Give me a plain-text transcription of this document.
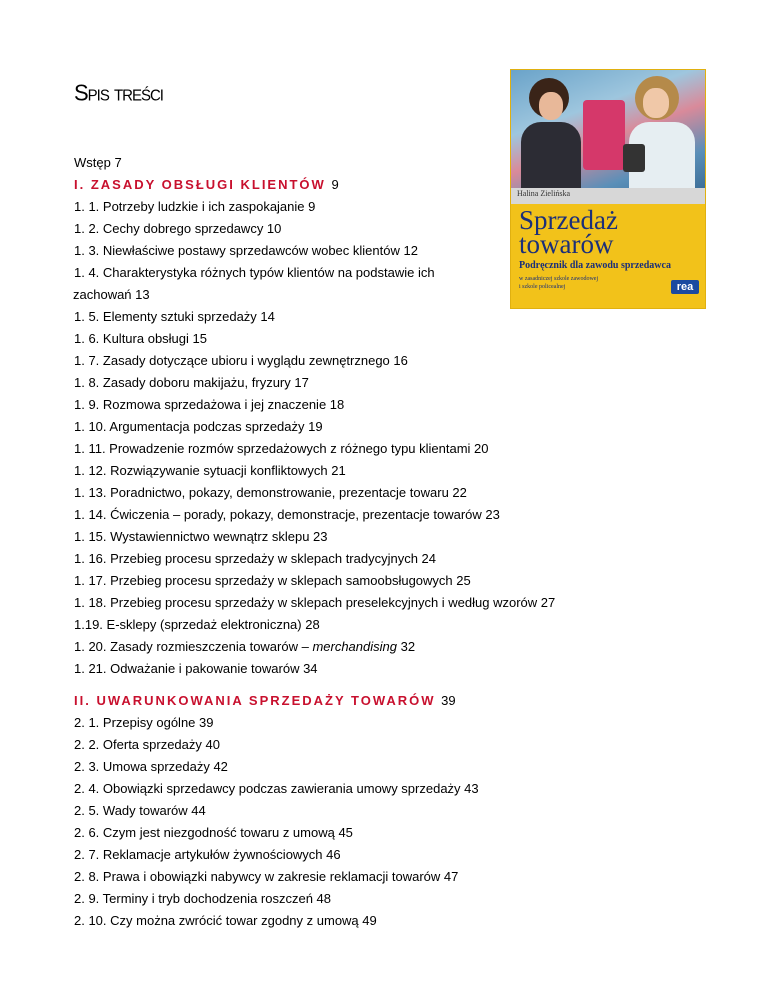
Spis treści
Halina Zielińska
Sprzedaż
towarów
Podręcznik dla zawodu sprzedawca
w zasadniczej szkole zawodowej
i szkole policealnej	rea
Wstęp 7
I. ZASADY OBSŁUGI KLIENTÓW 9
1. 1. Potrzeby ludzkie i ich zaspokajanie 9
1. 2. Cechy dobrego sprzedawcy 10
1. 3. Niewłaściwe postawy sprzedawców wobec klientów 12
1. 4. Charakterystyka różnych typów klientów na podstawie ich
zachowań 13
1. 5. Elementy sztuki sprzedaży 14
1. 6. Kultura obsługi 15
1. 7. Zasady dotyczące ubioru i wyglądu zewnętrznego 16
1. 8. Zasady doboru makijażu, fryzury 17
1. 9. Rozmowa sprzedażowa i jej znaczenie 18
1. 10. Argumentacja podczas sprzedaży 19
1. 11. Prowadzenie rozmów sprzedażowych z różnego typu klientami 20
1. 12. Rozwiązywanie sytuacji konfliktowych 21
1. 13. Poradnictwo, pokazy, demonstrowanie, prezentacje towaru 22
1. 14. Ćwiczenia – porady, pokazy, demonstracje, prezentacje towarów 23
1. 15. Wystawiennictwo wewnątrz sklepu 23
1. 16. Przebieg procesu sprzedaży w sklepach tradycyjnych 24
1. 17. Przebieg procesu sprzedaży w sklepach samoobsługowych 25
1. 18. Przebieg procesu sprzedaży w sklepach preselekcyjnych i według wzorów 27
1.19. E-sklepy (sprzedaż elektroniczna) 28
1. 20. Zasady rozmieszczenia towarów – merchandising 32
1. 21. Odważanie i pakowanie towarów 34
II. UWARUNKOWANIA SPRZEDAŻY TOWARÓW 39
2. 1. Przepisy ogólne 39
2. 2. Oferta sprzedaży 40
2. 3. Umowa sprzedaży 42
2. 4. Obowiązki sprzedawcy podczas zawierania umowy sprzedaży 43
2. 5. Wady towarów 44
2. 6. Czym jest niezgodność towaru z umową 45
2. 7. Reklamacje artykułów żywnościowych 46
2. 8. Prawa i obowiązki nabywcy w zakresie reklamacji towarów 47
2. 9. Terminy i tryb dochodzenia roszczeń 48
2. 10. Czy można zwrócić towar zgodny z umową 49
